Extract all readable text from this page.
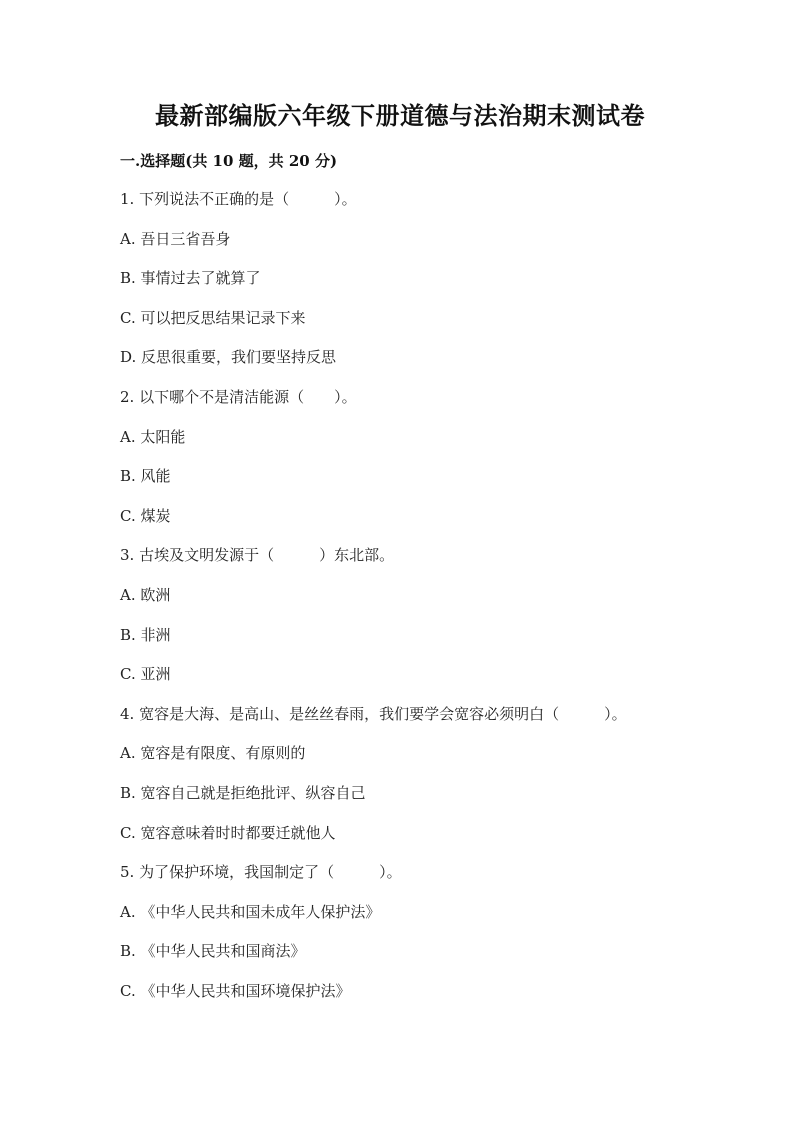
最新部编版六年级下册道德与法治期末测试卷
一.选择题(共 10 题，共 20 分)
1. 下列说法不正确的是（　　　）。
A. 吾日三省吾身
B. 事情过去了就算了
C. 可以把反思结果记录下来
D. 反思很重要，我们要坚持反思
2. 以下哪个不是清洁能源（　　）。
A. 太阳能
B. 风能
C. 煤炭
3. 古埃及文明发源于（　　　）东北部。
A. 欧洲
B. 非洲
C. 亚洲
4. 宽容是大海、是高山、是丝丝春雨，我们要学会宽容必须明白（　　　）。
A. 宽容是有限度、有原则的
B. 宽容自己就是拒绝批评、纵容自己
C. 宽容意味着时时都要迁就他人
5. 为了保护环境，我国制定了（　　　）。
A. 《中华人民共和国未成年人保护法》
B. 《中华人民共和国商法》
C. 《中华人民共和国环境保护法》
